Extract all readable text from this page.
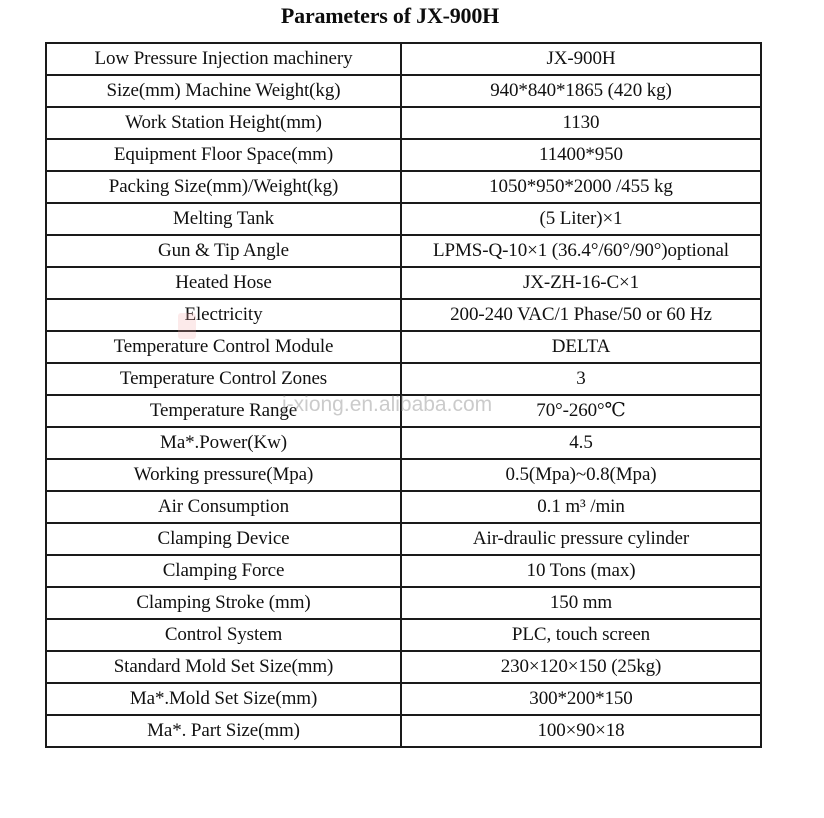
Parameters of JX-900H
Low Pressure Injection machinery	JX-900H
Size(mm) Machine Weight(kg)	940*840*1865 (420 kg)
Work Station Height(mm)	1130
Equipment Floor Space(mm)	11400*950
Packing Size(mm)/Weight(kg)	1050*950*2000 /455 kg
Melting Tank	(5 Liter)×1
Gun & Tip Angle	LPMS-Q-10×1 (36.4°/60°/90°)optional
Heated Hose	JX-ZH-16-C×1
Electricity	200-240 VAC/1 Phase/50 or 60 Hz
Temperature Control Module	DELTA
Temperature Control Zones	3
Temperature Range	70°-260°℃
Ma*.Power(Kw)	4.5
Working pressure(Mpa)	0.5(Mpa)~0.8(Mpa)
Air Consumption	0.1 m³ /min
Clamping Device	Air-draulic pressure cylinder
Clamping Force	10 Tons (max)
Clamping Stroke (mm)	150 mm
Control System	PLC, touch screen
Standard Mold Set Size(mm)	230×120×150 (25kg)
Ma*.Mold Set Size(mm)	300*200*150
Ma*. Part Size(mm)	100×90×18
j-xiong.en.alibaba.com
